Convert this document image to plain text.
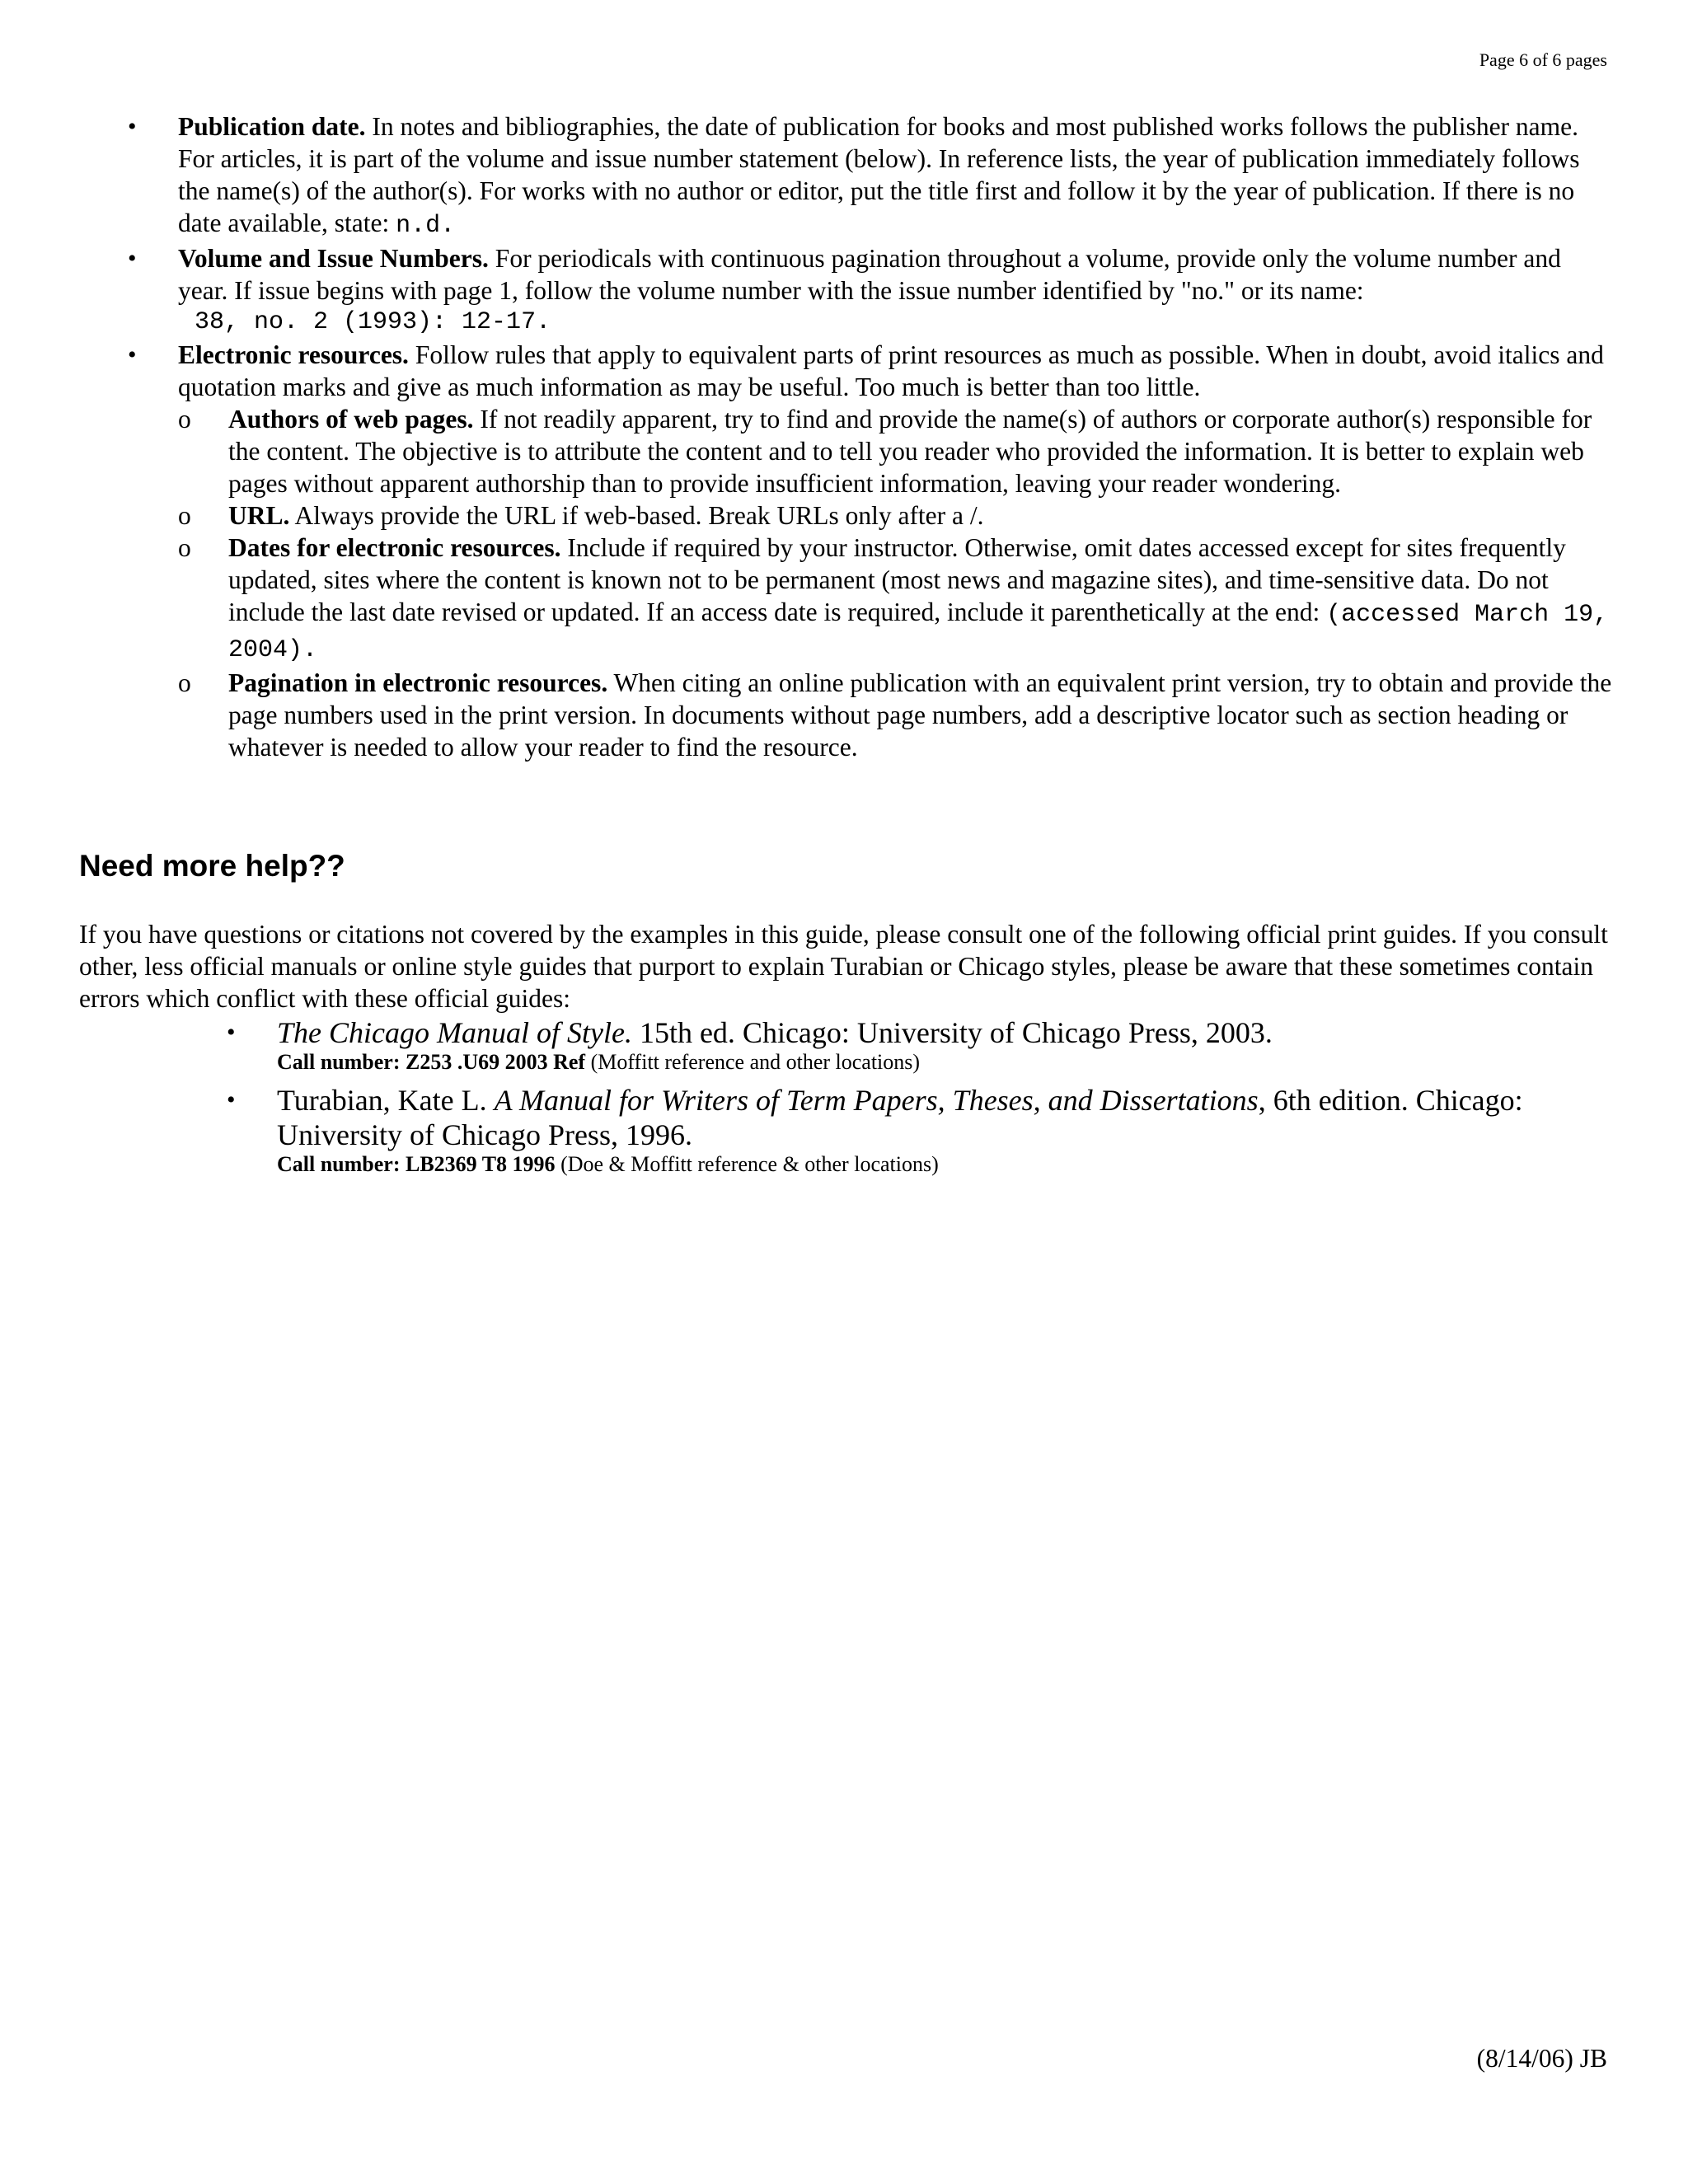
Page 6 of 6 pages
• Publication date. In notes and bibliographies, the date of publication for books and most published works follows the publisher name. For articles, it is part of the volume and issue number statement (below). In reference lists, the year of publication immediately follows the name(s) of the author(s). For works with no author or editor, put the title first and follow it by the year of publication. If there is no date available, state: n.d.
• Volume and Issue Numbers. For periodicals with continuous pagination throughout a volume, provide only the volume number and year. If issue begins with page 1, follow the volume number with the issue number identified by "no." or its name:
38, no. 2 (1993): 12-17.
• Electronic resources. Follow rules that apply to equivalent parts of print resources as much as possible. When in doubt, avoid italics and quotation marks and give as much information as may be useful. Too much is better than too little.
o Authors of web pages. If not readily apparent, try to find and provide the name(s) of authors or corporate author(s) responsible for the content. The objective is to attribute the content and to tell you reader who provided the information. It is better to explain web pages without apparent authorship than to provide insufficient information, leaving your reader wondering.
o URL. Always provide the URL if web-based. Break URLs only after a /.
o Dates for electronic resources. Include if required by your instructor. Otherwise, omit dates accessed except for sites frequently updated, sites where the content is known not to be permanent (most news and magazine sites), and time-sensitive data. Do not include the last date revised or updated. If an access date is required, include it parenthetically at the end: (accessed March 19, 2004).
o Pagination in electronic resources. When citing an online publication with an equivalent print version, try to obtain and provide the page numbers used in the print version. In documents without page numbers, add a descriptive locator such as section heading or whatever is needed to allow your reader to find the resource.
Need more help??
If you have questions or citations not covered by the examples in this guide, please consult one of the following official print guides. If you consult other, less official manuals or online style guides that purport to explain Turabian or Chicago styles, please be aware that these sometimes contain errors which conflict with these official guides:
• The Chicago Manual of Style. 15th ed. Chicago: University of Chicago Press, 2003.
Call number: Z253 .U69 2003 Ref (Moffitt reference and other locations)
• Turabian, Kate L. A Manual for Writers of Term Papers, Theses, and Dissertations, 6th edition. Chicago: University of Chicago Press, 1996.
Call number: LB2369 T8 1996 (Doe & Moffitt reference & other locations)
(8/14/06) JB
